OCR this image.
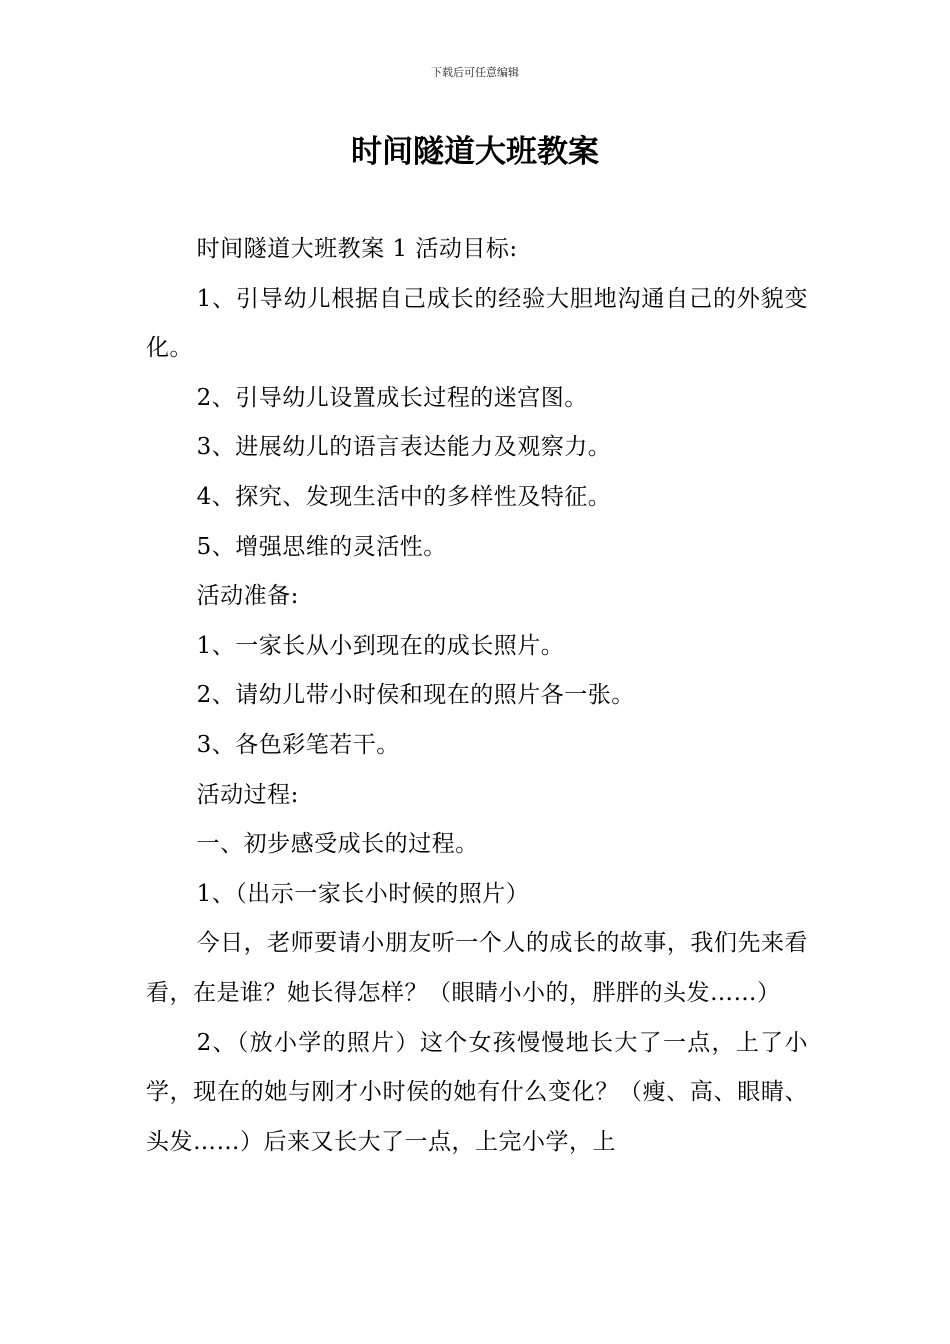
下载后可任意编辑
时间隧道大班教案

时间隧道大班教案 1 活动目标:

1、引导幼儿根据自己成长的经验大胆地沟通自己的外貌变化。

2、引导幼儿设置成长过程的迷宫图。

3、进展幼儿的语言表达能力及观察力。

4、探究、发现生活中的多样性及特征。

5、增强思维的灵活性。

活动准备:

1、一家长从小到现在的成长照片。

2、请幼儿带小时侯和现在的照片各一张。

3、各色彩笔若干。

活动过程:

一、初步感受成长的过程。

1、（出示一家长小时候的照片）

今日，老师要请小朋友听一个人的成长的故事，我们先来看看，在是谁？她长得怎样？（眼睛小小的，胖胖的头发……）

2、（放小学的照片）这个女孩慢慢地长大了一点，上了小学，现在的她与刚才小时侯的她有什么变化？（瘦、高、眼睛、头发……）后来又长大了一点，上完小学，上
